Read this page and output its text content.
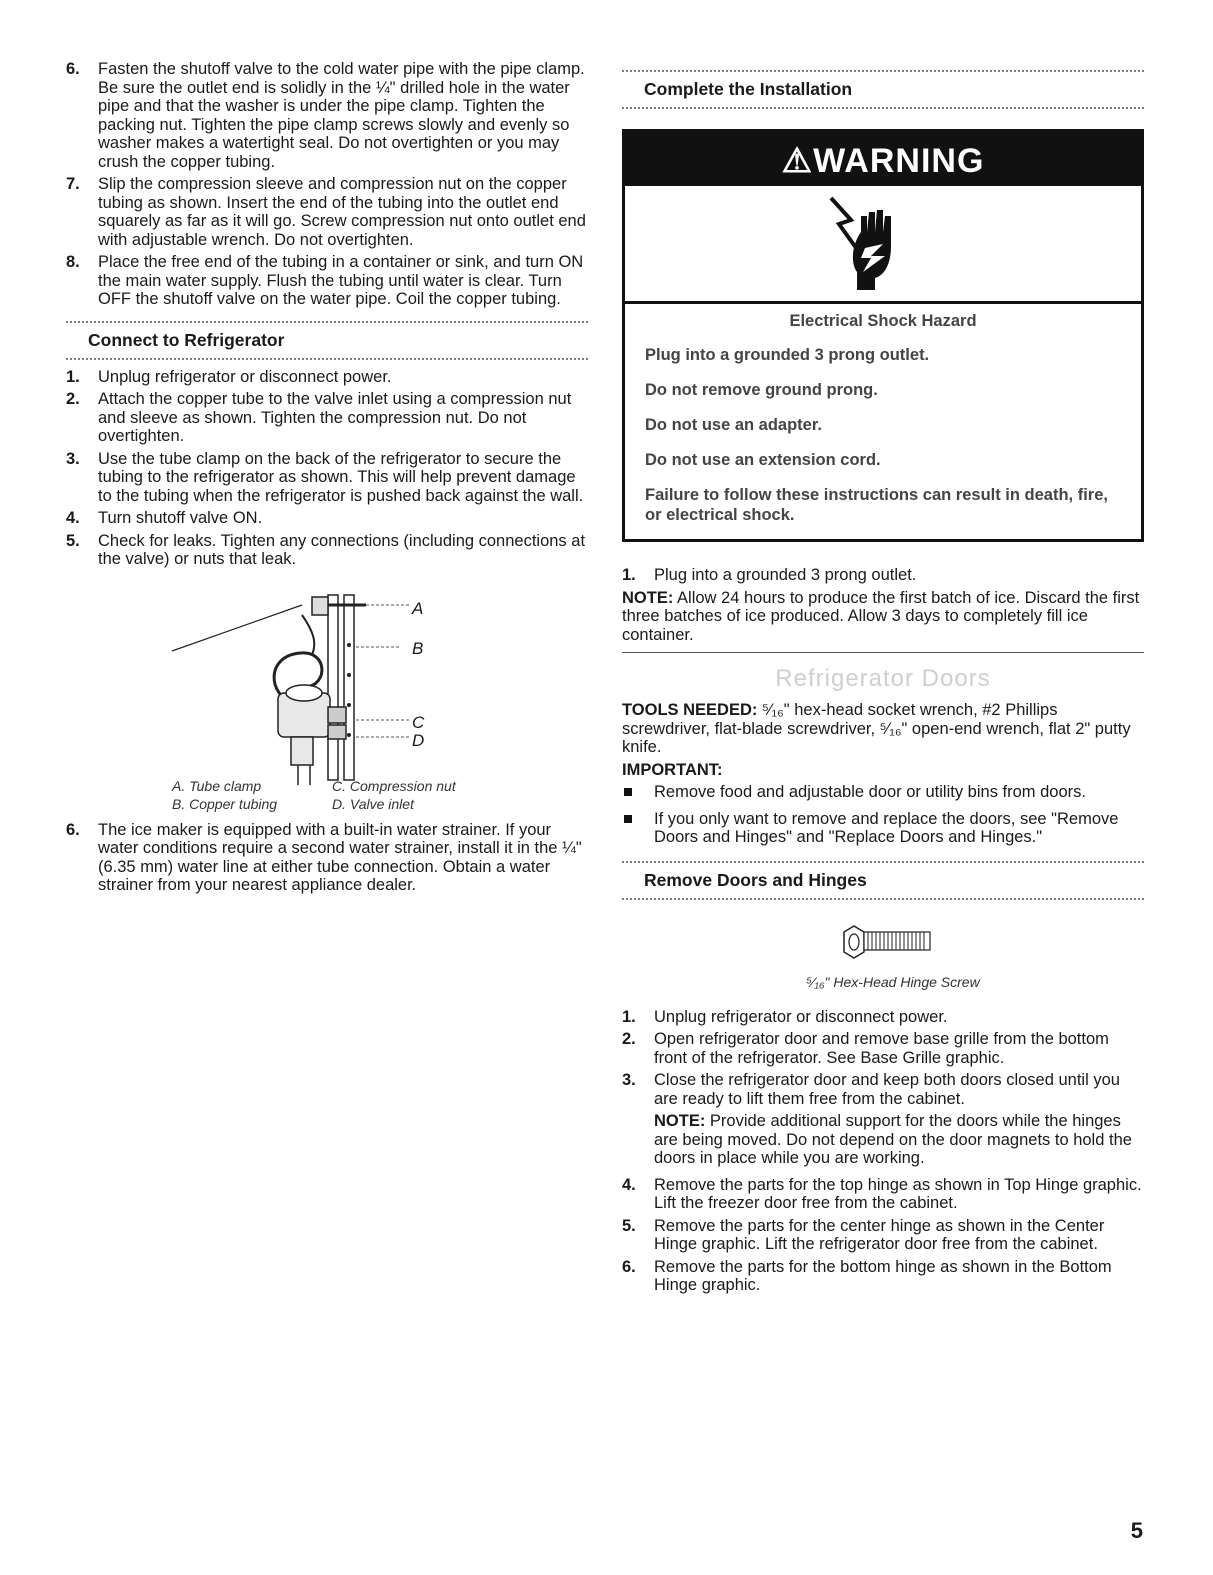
6. Fasten the shutoff valve to the cold water pipe with the pipe clamp. Be sure the outlet end is solidly in the ¼" drilled hole in the water pipe and that the washer is under the pipe clamp. Tighten the packing nut. Tighten the pipe clamp screws slowly and evenly so washer makes a watertight seal. Do not overtighten or you may crush the copper tubing.
7. Slip the compression sleeve and compression nut on the copper tubing as shown. Insert the end of the tubing into the outlet end squarely as far as it will go. Screw compression nut onto outlet end with adjustable wrench. Do not overtighten.
8. Place the free end of the tubing in a container or sink, and turn ON the main water supply. Flush the tubing until water is clear. Turn OFF the shutoff valve on the water pipe. Coil the copper tubing.
Connect to Refrigerator
1. Unplug refrigerator or disconnect power.
2. Attach the copper tube to the valve inlet using a compression nut and sleeve as shown. Tighten the compression nut. Do not overtighten.
3. Use the tube clamp on the back of the refrigerator to secure the tubing to the refrigerator as shown. This will help prevent damage to the tubing when the refrigerator is pushed back against the wall.
4. Turn shutoff valve ON.
5. Check for leaks. Tighten any connections (including connections at the valve) or nuts that leak.
A
B
C
D
A. Tube clamp	C. Compression nut
B. Copper tubing	D. Valve inlet
6. The ice maker is equipped with a built-in water strainer. If your water conditions require a second water strainer, install it in the ¼" (6.35 mm) water line at either tube connection. Obtain a water strainer from your nearest appliance dealer.
Complete the Installation
⚠WARNING
Electrical Shock Hazard

Plug into a grounded 3 prong outlet.

Do not remove ground prong.

Do not use an adapter.

Do not use an extension cord.

Failure to follow these instructions can result in death, fire, or electrical shock.

1. Plug into a grounded 3 prong outlet.

NOTE: Allow 24 hours to produce the first batch of ice. Discard the first three batches of ice produced. Allow 3 days to completely fill ice container.

Refrigerator Doors

TOOLS NEEDED: ⁵⁄₁₆" hex-head socket wrench, #2 Phillips screwdriver, flat-blade screwdriver, ⁵⁄₁₆" open-end wrench, flat 2" putty knife.

IMPORTANT:

Remove food and adjustable door or utility bins from doors.
If you only want to remove and replace the doors, see "Remove Doors and Hinges" and "Replace Doors and Hinges."
Remove Doors and Hinges
⁵⁄₁₆" Hex-Head Hinge Screw
1. Unplug refrigerator or disconnect power.
2. Open refrigerator door and remove base grille from the bottom front of the refrigerator. See Base Grille graphic.
3. Close the refrigerator door and keep both doors closed until you are ready to lift them free from the cabinet.

NOTE: Provide additional support for the doors while the hinges are being moved. Do not depend on the door magnets to hold the doors in place while you are working.

4. Remove the parts for the top hinge as shown in Top Hinge graphic. Lift the freezer door free from the cabinet.
5. Remove the parts for the center hinge as shown in the Center Hinge graphic. Lift the refrigerator door free from the cabinet.
6. Remove the parts for the bottom hinge as shown in the Bottom Hinge graphic.
5
